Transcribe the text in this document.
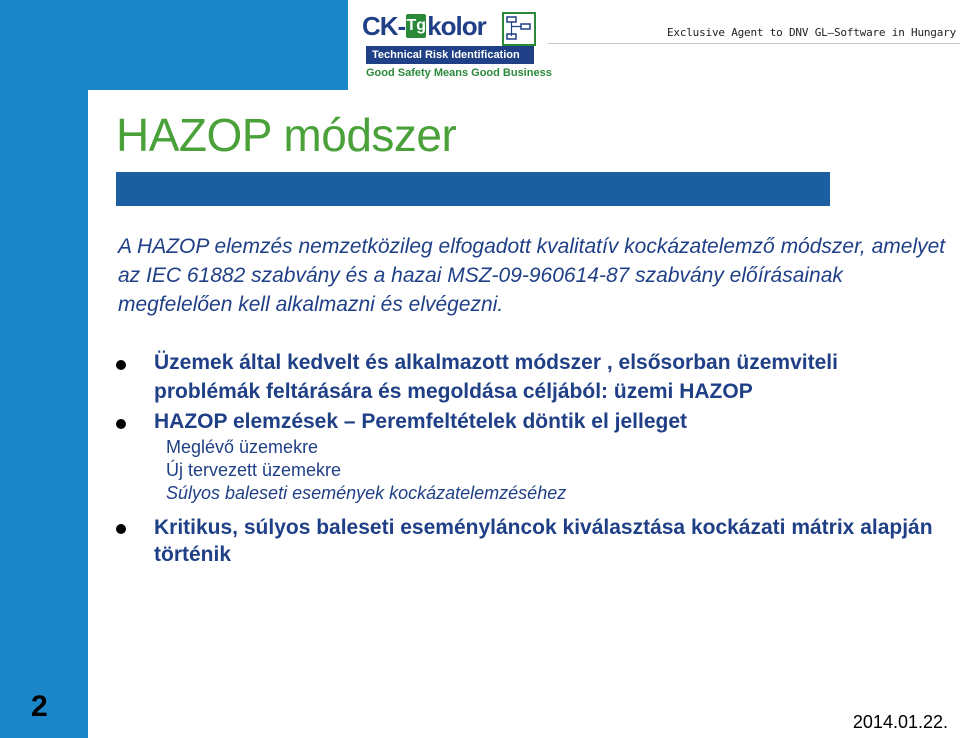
CK- Tg kolor
Technical Risk Identification
Good Safety Means Good Business
Exclusive Agent to DNV GL—Software in Hungary
HAZOP módszer

A HAZOP elemzés nemzetközileg elfogadott kvalitatív kockázatelemző módszer, amelyet az IEC 61882 szabvány és a hazai MSZ-09-960614-87 szabvány előírásainak megfelelően kell alkalmazni és elvégezni.

Üzemek által kedvelt és alkalmazott módszer , elsősorban üzemviteli problémák feltárására és megoldása céljából: üzemi HAZOP
HAZOP elemzések – Peremfeltételek döntik el jelleget
Meglévő üzemekre
Új tervezett üzemekre
Súlyos baleseti események kockázatelemzéséhez
Kritikus, súlyos baleseti eseményláncok kiválasztása kockázati mátrix alapján történik
2	2014.01.22.
